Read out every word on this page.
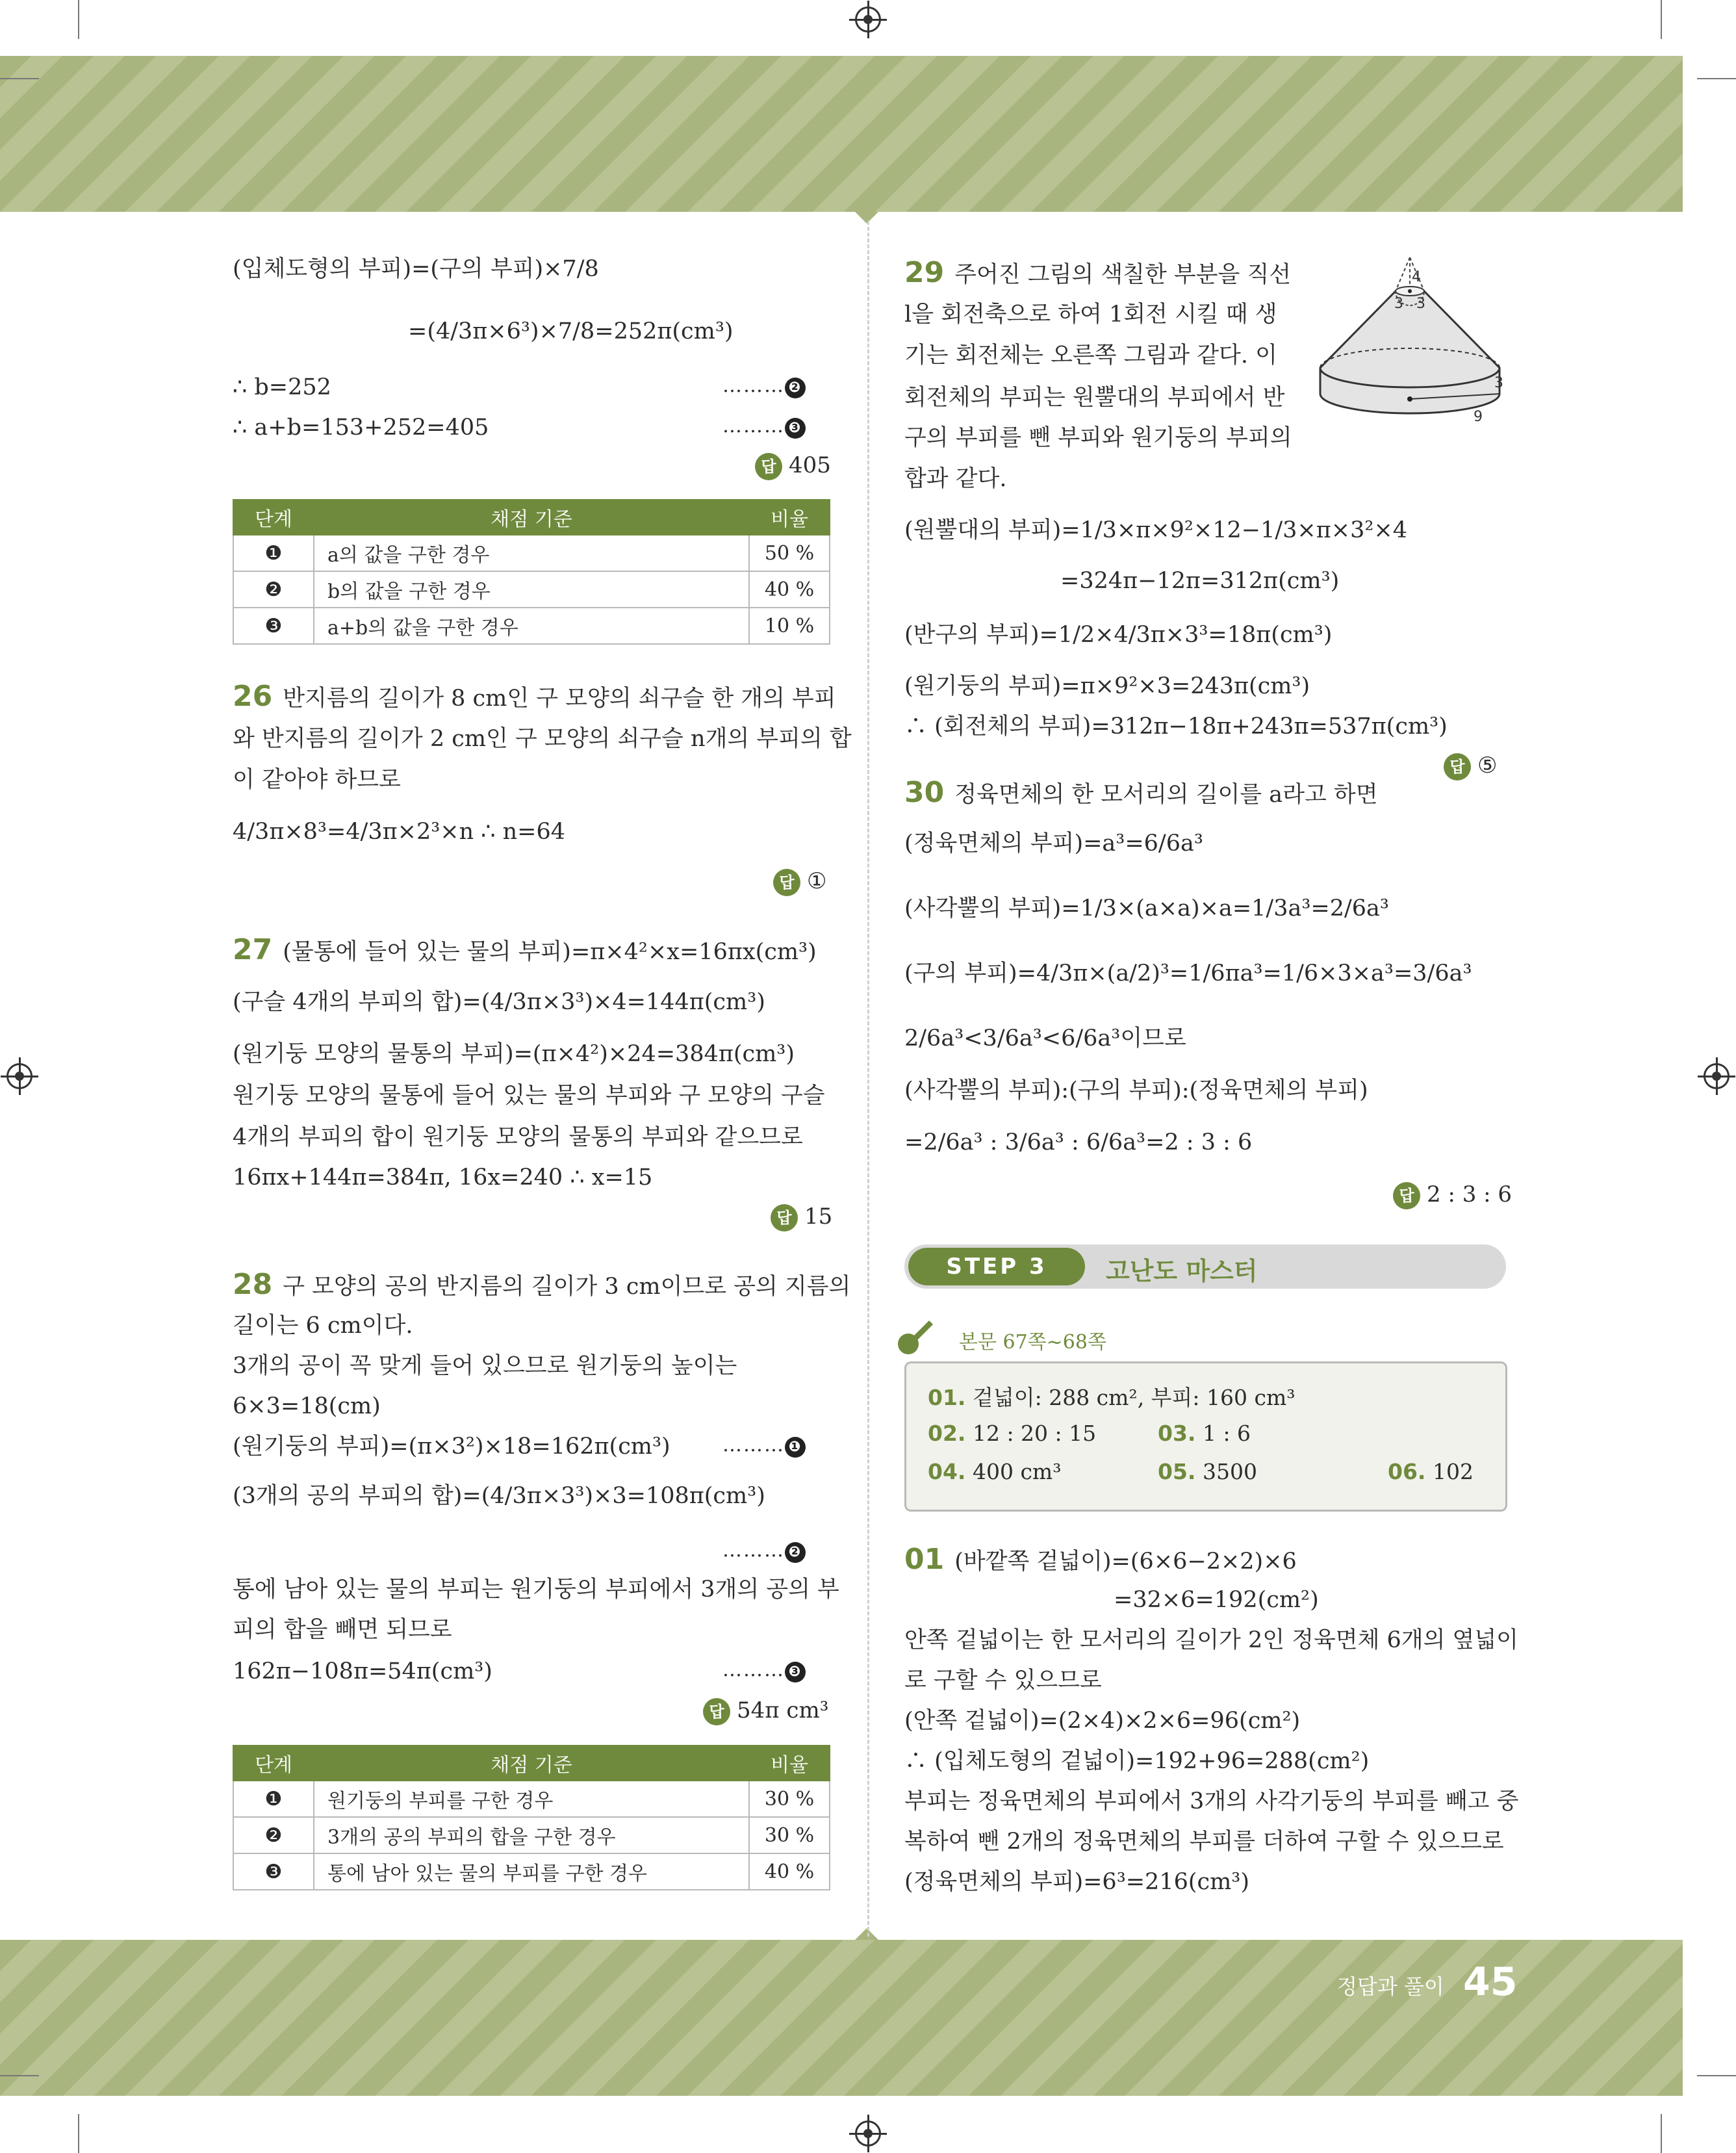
(입체도형의 부피)=(구의 부피)×7/8
=(4/3π×6³)×7/8=252π(cm³)
∴ b=252	……… ❷
∴ a+b=153+252=405	……… ❸
답 405
단계	채점 기준	비율
❶	a의 값을 구한 경우	50 %
❷	b의 값을 구한 경우	40 %
❸	a+b의 값을 구한 경우	10 %
26 반지름의 길이가 8 cm인 구 모양의 쇠구슬 한 개의 부피
와 반지름의 길이가 2 cm인 구 모양의 쇠구슬 n개의 부피의 합
이 같아야 하므로
4/3π×8³=4/3π×2³×n ∴ n=64
답 ①
27 (물통에 들어 있는 물의 부피)=π×4²×x=16πx(cm³)
(구슬 4개의 부피의 합)=(4/3π×3³)×4=144π(cm³)
(원기둥 모양의 물통의 부피)=(π×4²)×24=384π(cm³)
원기둥 모양의 물통에 들어 있는 물의 부피와 구 모양의 구슬
4개의 부피의 합이 원기둥 모양의 물통의 부피와 같으므로
16πx+144π=384π, 16x=240 ∴ x=15
답 15
28 구 모양의 공의 반지름의 길이가 3 cm이므로 공의 지름의
길이는 6 cm이다.
3개의 공이 꼭 맞게 들어 있으므로 원기둥의 높이는
6×3=18(cm)
(원기둥의 부피)=(π×3²)×18=162π(cm³)	……… ❶
(3개의 공의 부피의 합)=(4/3π×3³)×3=108π(cm³)
……… ❷
통에 남아 있는 물의 부피는 원기둥의 부피에서 3개의 공의 부
피의 합을 빼면 되므로
162π−108π=54π(cm³)	……… ❸
답 54π cm³
단계	채점 기준	비율
❶	원기둥의 부피를 구한 경우	30 %
❷	3개의 공의 부피의 합을 구한 경우	30 %
❸	통에 남아 있는 물의 부피를 구한 경우	40 %
29 주어진 그림의 색칠한 부분을 직선
l을 회전축으로 하여 1회전 시킬 때 생
기는 회전체는 오른쪽 그림과 같다. 이
회전체의 부피는 원뿔대의 부피에서 반
구의 부피를 뺀 부피와 원기둥의 부피의
합과 같다.
4
3 3
3
9
(원뿔대의 부피)=1/3×π×9²×12−1/3×π×3²×4
=324π−12π=312π(cm³)
(반구의 부피)=1/2×4/3π×3³=18π(cm³)
(원기둥의 부피)=π×9²×3=243π(cm³)
∴ (회전체의 부피)=312π−18π+243π=537π(cm³)
답 ⑤
30 정육면체의 한 모서리의 길이를 a라고 하면
(정육면체의 부피)=a³=6/6a³
(사각뿔의 부피)=1/3×(a×a)×a=1/3a³=2/6a³
(구의 부피)=4/3π×(a/2)³=1/6πa³=1/6×3×a³=3/6a³
2/6a³<3/6a³<6/6a³이므로
(사각뿔의 부피):(구의 부피):(정육면체의 부피)
=2/6a³ : 3/6a³ : 6/6a³=2 : 3 : 6
답 2 : 3 : 6
STEP 3	고난도 마스터
본문 67쪽~68쪽
01. 겉넓이: 288 cm², 부피: 160 cm³
02. 12 : 20 : 15	03. 1 : 6
04. 400 cm³	05. 3500	06. 102
01 (바깥쪽 겉넓이)=(6×6−2×2)×6
=32×6=192(cm²)
안쪽 겉넓이는 한 모서리의 길이가 2인 정육면체 6개의 옆넓이
로 구할 수 있으므로
(안쪽 겉넓이)=(2×4)×2×6=96(cm²)
∴ (입체도형의 겉넓이)=192+96=288(cm²)
부피는 정육면체의 부피에서 3개의 사각기둥의 부피를 빼고 중
복하여 뺀 2개의 정육면체의 부피를 더하여 구할 수 있으므로
(정육면체의 부피)=6³=216(cm³)
정답과 풀이 45
